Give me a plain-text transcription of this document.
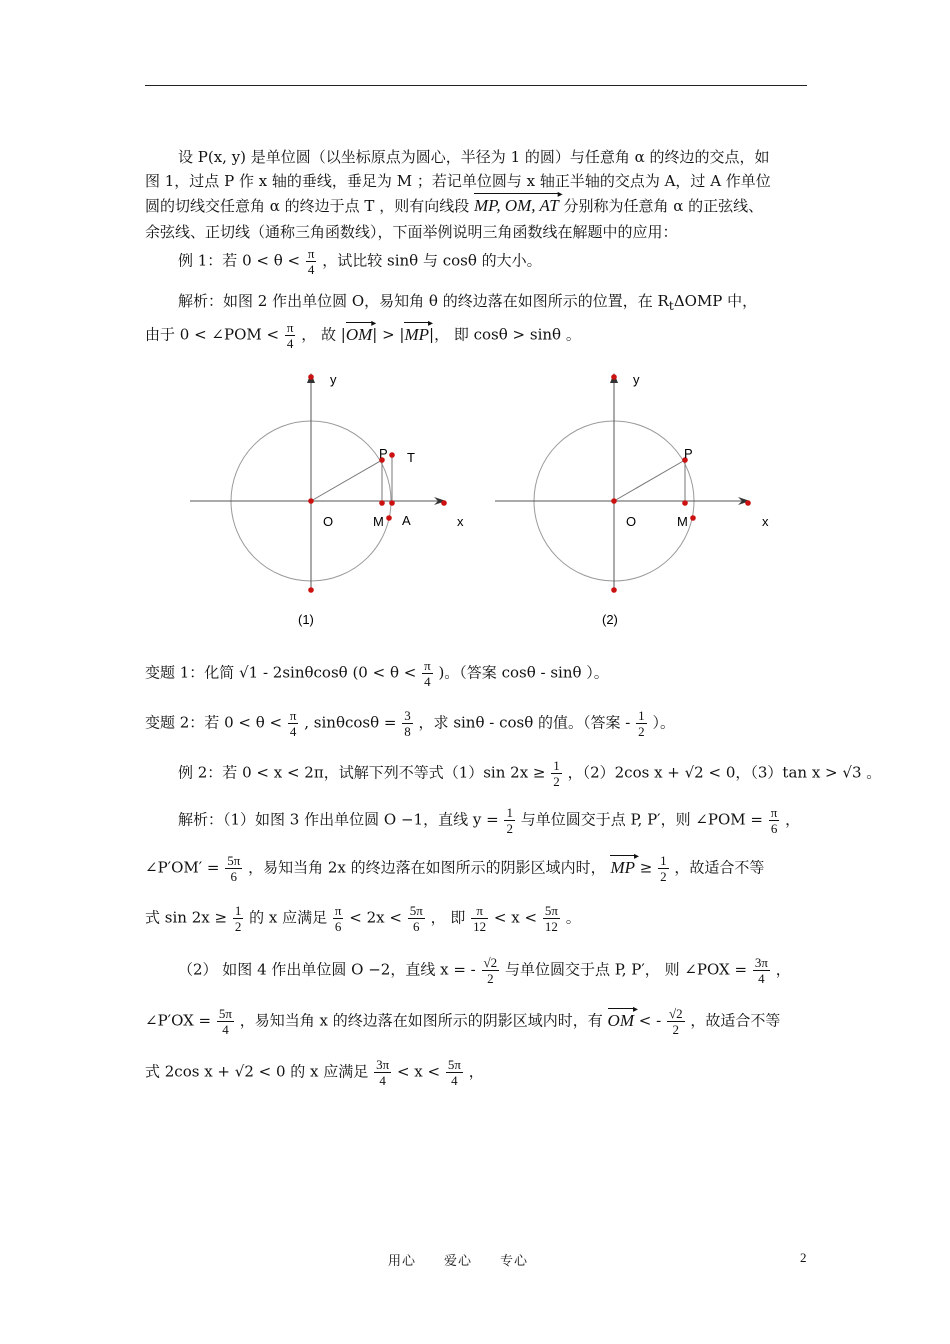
设 P(x, y) 是单位圆（以坐标原点为圆心，半径为 1 的圆）与任意角 α 的终边的交点，如
图 1，过点 P 作 x 轴的垂线，垂足为 M ；若记单位圆与 x 轴正半轴的交点为 A，过 A 作单位
圆的切线交任意角 α 的终边于点 T ，则有向线段 MP, OM, AT ▸ 分别称为任意角 α 的正弦线、
余弦线、正切线（通称三角函数线），下面举例说明三角函数线在解题中的应用：
例 1：若 $0 < \theta < \frac{\pi}{4}$ ，试比较 sinθ 与 cosθ 的大小。
解析：如图 2 作出单位圆 O，易知角 θ 的终边落在如图所示的位置，在 $R_t\Delta OMP$ 中，
由于 0 < ∠POM < $\frac{\pi}{4}$ ， 故 |OM ▸| > |MP ▸|， 即 cosθ > sinθ 。
y
O	M A
P T
x
(1)
y
O	M
P
x
(2)
变题 1：化简 √1 - 2sinθcosθ ($0 < \theta < \frac{\pi}{4}$ )。（答案 cosθ - sinθ ）。
变题 2：若 $0 < \theta < \frac{\pi}{4}$ , $\sin\theta\cos\theta = \frac{3}{8}$ ，求 sinθ - cosθ 的值。（答案 - $\frac{1}{2}$ ）。
例 2：若 0 < x < 2π，试解下列不等式（1）sin $2x \ge \frac{1}{2}$ ，（2）2cos x + √2 < 0，（3）tan x > √3 。
解析：（1）如图 3 作出单位圆 O −1，直线 $y = \frac{1}{2}$ 与单位圆交于点 P, P′，则 ∠POM = $\frac{\pi}{6}$ ，
∠P′OM′ = $\frac{5\pi}{6}$ ，易知当角 2x 的终边落在如图所示的阴影区域内时， MP ▸ ≥ $\frac{1}{2}$ ，故适合不等
式 $\sin 2x \ge \frac{1}{2}$ 的 x 应满足 $\frac{\pi}{6} < 2x < \frac{5\pi}{6}$ ， 即 $\frac{\pi}{12} < x < \frac{5\pi}{12}$ 。
（2） 如图 4 作出单位圆 O −2，直线 x = - $\frac{√2}{2}$ 与单位圆交于点 P, P′， 则 ∠POX = $\frac{3\pi}{4}$ ，
∠P′OX = $\frac{5\pi}{4}$ ，易知当角 x 的终边落在如图所示的阴影区域内时，有 OM ▸ < - $\frac{√2}{2}$ ，故适合不等
式 2cos x + √2 < 0 的 x 应满足 $\frac{3\pi}{4} < x < \frac{5\pi}{4}$ ，
用心　　爱心　　专心	2
